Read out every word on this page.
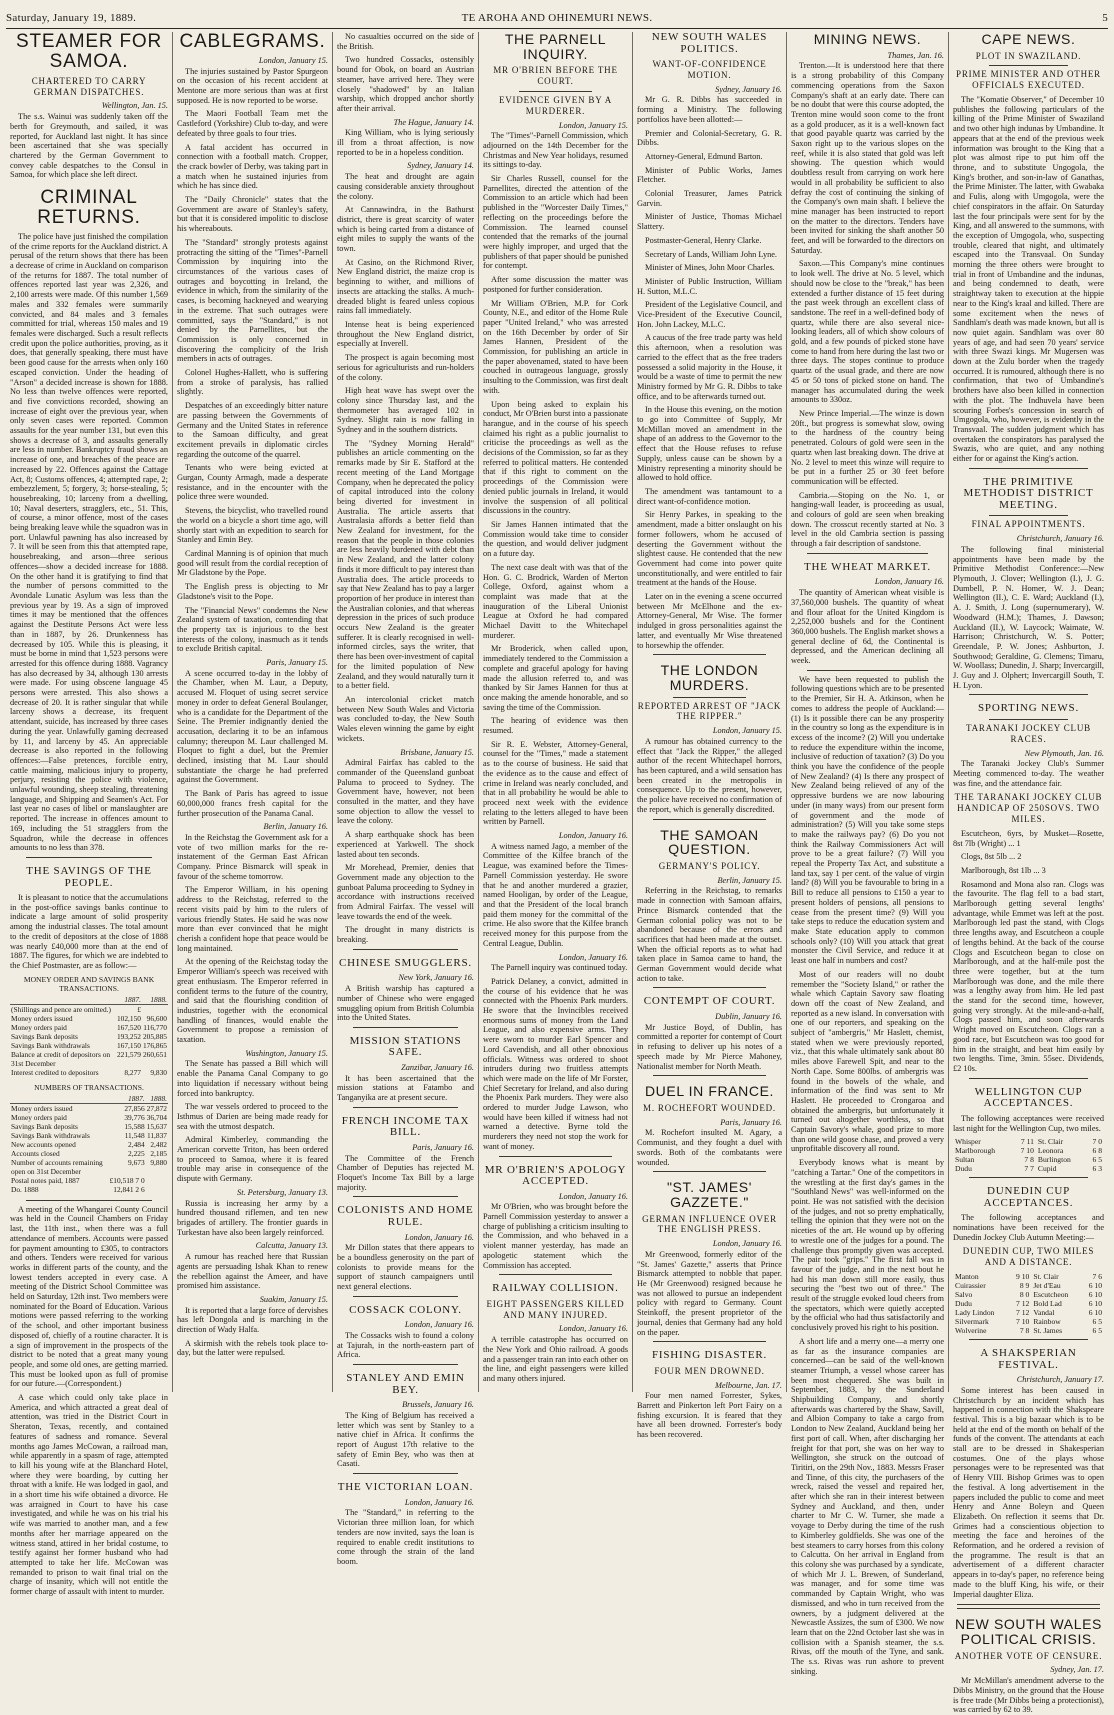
Saturday, January 19, 1889.	TE AROHA AND OHINEMURI NEWS.	5
STEAMER FOR SAMOA.
CHARTERED TO CARRY GERMAN DISPATCHES.

Wellington, Jan. 15 .

The s.s. Wainui was suddenly taken off the berth for Greymouth, and sailed, it was reported, for Auckland last night. It has since been ascertained that she was specially chartered by the German Government to convey cable despatches to the Consul in Samoa, for which place she left direct.

CRIMINAL RETURNS.

The police have just finished the compilation of the crime reports for the Auckland district. A perusal of the return shows that there has been a decrease of crime in Auckland on comparison of the returns for 1887. The total number of offences reported last year was 2,326, and 2,100 arrests were made. Of this number 1,569 males and 332 females were summarily convicted, and 84 males and 3 females committed for trial, whereas 150 males and 19 females were discharged. Such a result reflects credit upon the police authorities, proving, as it does, that generally speaking, there must have been good cause for the arrests when only 160 escaped conviction. Under the heading of "Arson" a decided increase is shown for 1888. No less than twelve offences were reported, and five convictions recorded, showing an increase of eight over the previous year, when only seven cases were reported. Common assaults for the year number 131, but even this shows a decrease of 3, and assaults generally are less in number. Bankruptcy fraud shows an increase of one, and breaches of the peace are increased by 22. Offences against the Cattage Act, 8; Customs offences, 4; attempted rape, 2; embezzlement, 5; forgery, 3; horse-stealing, 5; housebreaking, 10; larceny from a dwelling, 10; Naval deserters, stragglers, etc., 51. This, of course, a minor offence, most of the cases being breaking leave while the squadron was in port. Unlawful pawning has also increased by 7. It will be seen from this that attempted rape, housebreaking, and arson—three serious offences—show a decided increase for 1888. On the other hand it is gratifying to find that the number of persons committed to the Avondale Lunatic Asylum was less than the previous year by 19. As a sign of improved times it may be mentioned that the offences against the Destitute Persons Act were less than in 1887, by 26. Drunkenness has decreased by 105. While this is pleasing, it must be borne in mind that 1,523 persons were arrested for this offence during 1888. Vagrancy has also decreased by 34, although 130 arrests were made. For using obscene language 45 persons were arrested. This also shows a decrease of 20. It is rather singular that while larceny shows a decrease, its frequent attendant, suicide, has increased by three cases during the year. Unlawfully gaming decreased by 11, and larceny by 45. An appreciable decrease is also reported in the following offences:—False pretences, forcible entry, cattle maiming, malicious injury to property, perjury, resisting the police with violence, unlawful wounding, sheep stealing, threatening language, and Shipping and Seamen's Act. For last year no cases of libel or manslaughter are reported. The increase in offences amount to 169, including the 51 stragglers from the Squadron, while the decrease in offences amounts to no less than 378.

THE SAVINGS OF THE PEOPLE.

It is pleasant to notice that the accumulations in the post-office savings banks continue to indicate a large amount of solid prosperity among the industrial classes. The total amount to the credit of depositors at the close of 1888 was nearly £40,000 more than at the end of 1887. The figures, for which we are indebted to the Chief Postmaster, are as follow:—

MONEY ORDER AND SAVINGS BANK TRANSACTIONS.
	1887.	1888.
(Shillings and pence are omitted.)	£	
Money orders issued	102,150	96,600
Money orders paid	167,520	116,770
Savings Bank deposits	193,252	205,885
Savings Bank withdrawals	167,150	176,865
Balance at credit of depositors on 31st December	221,579	260,651
Interest credited to depositors	8,277	9,830
NUMBERS OF TRANSACTIONS.
	1887.	1888.
Money orders issued	27,856	27,872
Money orders paid	39,776	36,704
Savings Bank deposits	15,588	15,637
Savings Bank withdrawals	11,548	11,837
New accounts opened	2,484	2,482
Accounts closed	2,225	2,185
Number of accounts remaining open on 31st December	9,673	9,880
Postal notes paid, 1887	£10,518 7 0	
Do. 1888	12,841 2 6	

A meeting of the Whangarei County Council was held in the Council Chambers on Friday last, the 11th inst., when there was a full attendance of members. Accounts were passed for payment amounting to £305, to contractors and others. Tenders were received for various works in different parts of the county, and the lowest tenders accepted in every case. A meeting of the District School Committee was held on Saturday, 12th inst. Two members were nominated for the Board of Education. Various motions were passed referring to the working of the school, and other important business disposed of, chiefly of a routine character. It is a sign of improvement in the prospects of the district to be noted that a great many young people, and some old ones, are getting married. This must be looked upon as full of promise for our future.—(Correspondent.)

A case which could only take place in America, and which attracted a great deal of attention, was tried in the District Court in Sheraton, Texas, recently, and contained features of sadness and romance. Several months ago James McCowan, a railroad man, while apparently in a spasm of rage, attempted to kill his young wife at the Blanchard Hotel, where they were boarding, by cutting her throat with a knife. He was lodged in gaol, and in a short time his wife obtained a divorce. He was arraigned in Court to have his case investigated, and while he was on his trial his wife was married to another man, and a few months after her marriage appeared on the witness stand, attired in her bridal costume, to testify against her former husband who had attempted to take her life. McCowan was remanded to prison to wait final trial on the charge of insanity, which will not entitle the former charge of assault with intent to murder.

CABLEGRAMS.

London, January 15 .

The injuries sustained by Pastor Spurgeon on the occasion of his recent accident at Mentone are more serious than was at first supposed. He is now reported to be worse.

The Maori Football Team met the Castleford (Yorkshire) Club to-day, and were defeated by three goals to four tries.

A fatal accident has occurred in connection with a football match. Cropper, the crack bowler of Derby, was taking part in a match when he sustained injuries from which he has since died.

The "Daily Chronicle" states that the Government are aware of Stanley's safety, but that it is considered impolitic to disclose his whereabouts.

The "Standard" strongly protests against protracting the sitting of the "Times"-Parnell Commission by inquiring into the circumstances of the various cases of outrages and boycotting in Ireland, the evidence in which, from the similarity of the cases, is becoming hackneyed and wearying in the extreme. That such outrages were committed, says the "Standard," is not denied by the Parnellites, but the Commission is only concerned in discovering the complicity of the Irish members in acts of outrages.

Colonel Hughes-Hallett, who is suffering from a stroke of paralysis, has rallied slightly.

Despatches of an exceedingly bitter nature are passing between the Governments of Germany and the United States in reference to the Samoan difficulty, and great excitement prevails in diplomatic circles regarding the outcome of the quarrel.

Tenants who were being evicted at Gurgan, County Armagh, made a desperate resistance, and in the encounter with the police three were wounded.

Stevens, the bicyclist, who travelled round the world on a bicycle a short time ago, will shortly start with an expedition to search for Stanley and Emin Bey.

Cardinal Manning is of opinion that much good will result from the cordial reception of Mr Gladstone by the Pope.

The English press is objecting to Mr Gladstone's visit to the Pope.

The "Financial News" condemns the New Zealand system of taxation, contending that the property tax is injurious to the best interests of the colony, inasmuch as it tends to exclude British capital.

Paris, January 15 .

A scene occurred to-day in the lobby of the Chamber, when M. Laur, a Deputy, accused M. Floquet of using secret service money in order to defeat General Boulanger, who is a candidate for the Department of the Seine. The Premier indignantly denied the accusation, declaring it to be an infamous calumny; thereupon M. Laur challenged M. Floquet to fight a duel, but the Premier declined, insisting that M. Laur should substantiate the charge he had preferred against the Government.

The Bank of Paris has agreed to issue 60,000,000 francs fresh capital for the further prosecution of the Panama Canal.

Berlin, January 16 .

In the Reichstag the Government ask for a vote of two million marks for the re-instatement of the German East African Company. Prince Bismarck will speak in favour of the scheme tomorrow.

The Emperor William, in his opening address to the Reichstag, referred to the recent visits paid by him to the rulers of various friendly States. He said he was now more than ever convinced that he might cherish a confident hope that peace would be long maintained.

At the opening of the Reichstag today the Emperor William's speech was received with great enthusiasm. The Emperor referred in confident terms to the future of the country, and said that the flourishing condition of industries, together with the economical handling of finances, would enable the Government to propose a remission of taxation.

Washington, January 15 .

The Senate has passed a Bill which will enable the Panama Canal Company to go into liquidation if necessary without being forced into bankruptcy.

The war vessels ordered to proceed to the Isthmus of Darien are being made ready for sea with the utmost despatch.

Admiral Kimberley, commanding the American corvette Triton, has been ordered to proceed to Samoa, where it is feared trouble may arise in consequence of the dispute with Germany.

St. Petersburg, January 13 .

Russia is increasing her army by a hundred thousand riflemen, and ten new brigades of artillery. The frontier guards in Turkestan have also been largely reinforced.

Calcutta, January 13 .

A rumour has reached here that Russian agents are persuading Ishak Khan to renew the rebellion against the Ameer, and have promised him assistance.

Suakim, January 15 .

It is reported that a large force of dervishes has left Dongola and is marching in the direction of Wady Halfa.

A skirmish with the rebels took place to-day, but the latter were repulsed.

No casualties occurred on the side of the British.

Two hundred Cossacks, ostensibly bound for Obok, on board an Austrian steamer, have arrived here. They were closely "shadowed" by an Italian warship, which dropped anchor shortly after their arrival.

The Hague, January 14 .

King William, who is lying seriously ill from a throat affection, is now reported to be in a hopeless condition.

Sydney, January 14 .

The heat and drought are again causing considerable anxiety throughout the colony.

At Cannawindra, in the Bathurst district, there is great scarcity of water which is being carted from a distance of eight miles to supply the wants of the town.

At Casino, on the Richmond River, New England district, the maize crop is beginning to wither, and millions of insects are attacking the stalks. A much-dreaded blight is feared unless copious rains fall immediately.

Intense heat is being experienced throughout the New England district, especially at Inverell.

The prospect is again becoming most serious for agriculturists and run-holders of the colony.

High heat wave has swept over the colony since Thursday last, and the thermometer has averaged 102 in Sydney. Slight rain is now falling in Sydney and in the southern districts.

The "Sydney Morning Herald" publishes an article commenting on the remarks made by Sir E. Stafford at the recent meeting of the Land Mortgage Company, when he deprecated the policy of capital introduced into the colony being diverted for investment in Australia. The article asserts that Australasia affords a better field than New Zealand for investment, for the reason that the people in those colonies are less heavily burdened with debt than in New Zealand, and the latter colony finds it more difficult to pay interest than Australia does. The article proceeds to say that New Zealand has to pay a larger proportion of her produce in interest than the Australian colonies, and that whereas depression in the prices of such produce occurs New Zealand is the greater sufferer. It is clearly recognised in well-informed circles, says the writer, that there has been over-investment of capital for the limited population of New Zealand, and they would naturally turn it to a better field.

An intercolonial cricket match between New South Wales and Victoria was concluded to-day, the New South Wales eleven winning the game by eight wickets.

Brisbane, January 15 .

Admiral Fairfax has cabled to the commander of the Queensland gunboat Paluma to proceed to Sydney. The Government have, however, not been consulted in the matter, and they have some objection to allow the vessel to leave the colony.

A sharp earthquake shock has been experienced at Yarkwell. The shock lasted about ten seconds.

Mr Morehead, Premier, denies that Government made any objection to the gunboat Paluma proceeding to Sydney in accordance with instructions received from Admiral Fairfax. The vessel will leave towards the end of the week.

The drought in many districts is breaking.

CHINESE SMUGGLERS.

New York, January 16 .

A British warship has captured a number of Chinese who were engaged smuggling opium from British Columbia into the United States.

MISSION STATIONS SAFE.

Zanzibar, January 16 .

It has been ascertained that the mission stations at Fatambo and Tanganyika are at present secure.

FRENCH INCOME TAX BILL.

Paris, January 16 .

The Committee of the French Chamber of Deputies has rejected M. Floquet's Income Tax Bill by a large majority.

COLONISTS AND HOME RULE.

London, January 16 .

Mr Dillon states that there appears to be a boundless generosity on the part of colonists to provide means for the support of staunch campaigners until next general elections.

COSSACK COLONY.

London, January 16 .

The Cossacks wish to found a colony at Tajurah, in the north-eastern part of Africa.

STANLEY AND EMIN BEY.

Brussels, January 16 .

The King of Belgium has received a letter which was sent by Stanley to a native chief in Africa. It confirms the report of August 17th relative to the safety of Emin Bey, who was then at Casati.

THE VICTORIAN LOAN.

London, January 16 .

The "Standard," in referring to the Victorian three million loan, for which tenders are now invited, says the loan is required to enable credit institutions to come through the strain of the land boom.

THE PARNELL INQUIRY.
MR O'BRIEN BEFORE THE COURT.
EVIDENCE GIVEN BY A MURDERER.

London, January 15 .

The "Times"-Parnell Commission, which adjourned on the 14th December for the Christmas and New Year holidays, resumed its sittings to-day.

Sir Charles Russell, counsel for the Parnellites, directed the attention of the Commission to an article which had been published in the "Worcester Daily Times," reflecting on the proceedings before the Commission. The learned counsel contended that the remarks of the journal were highly improper, and urged that the publishers of that paper should be punished for contempt.

After some discussion the matter was postponed for further consideration.

Mr William O'Brien, M.P. for Cork County, N.E., and editor of the Home Rule paper "United Ireland," who was arrested on the 16th December by order of Sir James Hannen, President of the Commission, for publishing an article in the paper abovenamed, stated to have been couched in outrageous language, grossly insulting to the Commission, was first dealt with.

Upon being asked to explain his conduct, Mr O'Brien burst into a passionate harangue, and in the course of his speech claimed his right as a public journalist to criticise the proceedings as well as the decisions of the Commission, so far as they referred to political matters. He contended that if this right to comment on the proceedings of the Commission were denied public journals in Ireland, it would involve the suspension of all political discussions in the country.

Sir James Hannen intimated that the Commission would take time to consider the question, and would deliver judgment on a future day.

The next case dealt with was that of the Hon. G. C. Brodrick, Warden of Merton College, Oxford, against whom a complaint was made that at the inauguration of the Liberal Unionist League at Oxford he had compared Michael Davitt to the Whitechapel murderer.

Mr Broderick, when called upon, immediately tendered to the Commission a complete and graceful apology for having made the allusion referred to, and was thanked by Sir James Hannen for thus at once making the amende honorable, and so saving the time of the Commission.

The hearing of evidence was then resumed.

Sir R. E. Webster, Attorney-General, counsel for the "Times," made a statement as to the course of business. He said that the evidence as to the cause and effect of crime in Ireland was nearly concluded, and that in all probability he would be able to proceed next week with the evidence relating to the letters alleged to have been written by Parnell.

London, January 16 .

A witness named Jago, a member of the Committee of the Kilfee branch of the League, was examined before the Times-Parnell Commission yesterday. He swore that he and another murdered a grazier, named Hooligan, by order of the League, and that the President of the local branch paid them money for the committal of the crime. He also swore that the Kilfee branch received money for this purpose from the Central League, Dublin.

London, January 16 .

The Parnell inquiry was continued today.

Patrick Delaney, a convict, admitted in the course of his evidence that he was connected with the Phoenix Park murders. He swore that the Invincibles received enormous sums of money from the Land League, and also expensive arms. They were sworn to murder Earl Spencer and Lord Cavendish, and all other obnoxious officials. Witness was ordered to shoot intruders during two fruitless attempts which were made on the life of Mr Forster, Chief Secretary for Ireland, and also during the Phoenix Park murders. They were also ordered to murder Judge Lawson, who would have been killed if witness had not warned a detective. Byrne told the murderers they need not stop the work for want of money.

MR O'BRIEN'S APOLOGY ACCEPTED.

London, January 16 .

Mr O'Brien, who was brought before the Parnell Commission yesterday to answer a charge of publishing a criticism insulting to the Commission, and who behaved in a violent manner yesterday, has made an apologetic statement which the Commission has accepted.

RAILWAY COLLISION.
EIGHT PASSENGERS KILLED AND MANY INJURED.

London, January 16 .

A terrible catastrophe has occurred on the New York and Ohio railroad. A goods and a passenger train ran into each other on the line, and eight passengers were killed and many others injured.

NEW SOUTH WALES POLITICS.
WANT-OF-CONFIDENCE MOTION.

Sydney, January 16 .

Mr G. R. Dibbs has succeeded in forming a Ministry. The following portfolios have been allotted:—

Premier and Colonial-Secretary, G. R. Dibbs.

Attorney-General, Edmund Barton.

Minister of Public Works, James Fletcher.

Colonial Treasurer, James Patrick Garvin.

Minister of Justice, Thomas Michael Slattery.

Postmaster-General, Henry Clarke.

Secretary of Lands, William John Lyne.

Minister of Mines, John Moor Charles.

Minister of Public Instruction, William H. Sutton, M.L.C.

President of the Legislative Council, and Vice-President of the Executive Council, Hon. John Lackey, M.L.C.

A caucus of the free trade party was held this afternoon, when a resolution was carried to the effect that as the free traders possessed a solid majority in the House, it would be a waste of time to permit the new Ministry formed by Mr G. R. Dibbs to take office, and to be afterwards turned out.

In the House this evening, on the motion to go into Committee of Supply, Mr McMillan moved an amendment in the shape of an address to the Governor to the effect that the House refuses to refuse Supply, unless cause can be shown by a Ministry representing a minority should be allowed to hold office.

The amendment was tantamount to a direct want-of-confidence motion.

Sir Henry Parkes, in speaking to the amendment, made a bitter onslaught on his former followers, whom he accused of deserting the Government without the slightest cause. He contended that the new Government had come into power quite unconstitutionally, and were entitled to fair treatment at the hands of the House.

Later on in the evening a scene occurred between Mr McElhone and the ex-Attorney-General, Mr Wise. The former indulged in gross personalities against the latter, and eventually Mr Wise threatened to horsewhip the offender.

THE LONDON MURDERS.
REPORTED ARREST OF "JACK THE RIPPER."

London, January 15 .

A rumour has obtained currency to the effect that "Jack the Ripper," the alleged author of the recent Whitechapel horrors, has been captured, and a wild sensation has been created in the metropolis in consequence. Up to the present, however, the police have received no confirmation of the report, which is generally discredited.

THE SAMOAN QUESTION.
GERMANY'S POLICY.

Berlin, January 15 .

Referring in the Reichstag, to remarks made in connection with Samoan affairs, Prince Bismarck contended that the German colonial policy was not to be abandoned because of the errors and sacrifices that had been made at the outset. When the official reports as to what had taken place in Samoa came to hand, the German Government would decide what action to take.

CONTEMPT OF COURT.

Dublin, January 16 .

Mr Justice Boyd, of Dublin, has committed a reporter for contempt of Court in refusing to deliver up his notes of a speech made by Mr Pierce Mahoney, Nationalist member for North Meath.

DUEL IN FRANCE.
M. ROCHEFORT WOUNDED.

Paris, January 16 .

M. Rochefort insulted M. Agary, a Communist, and they fought a duel with swords. Both of the combatants were wounded.

"ST. JAMES' GAZZETE."
GERMAN INFLUENCE OVER THE ENGLISH PRESS.

London, January 16 .

Mr Greenwood, formerly editor of the "St. James' Gazette," asserts that Prince Bismarck attempted to nobble that paper. He (Mr Greenwood) resigned because he was not allowed to pursue an independent policy with regard to Germany. Count Steinkoff, the present proprietor of the journal, denies that Germany had any hold on the paper.

FISHING DISASTER.
FOUR MEN DROWNED.

Melbourne, Jan. 17 .

Four men named Forrester, Sykes, Barrett and Pinkerton left Port Fairy on a fishing excursion. It is feared that they have all been drowned. Forrester's body has been recovered.

MINING NEWS.

Thames, Jan. 16 .

Trenton.—It is understood here that there is a strong probability of this Company commencing operations from the Saxon Company's shaft at an early date. There can be no doubt that were this course adopted, the Trenton mine would soon come to the front as a gold producer, as it is a well-known fact that good payable quartz was carried by the Saxon right up to the various slopes on the reef, while it is also stated that gold was left showing. The question which would doubtless result from carrying on work here would in all probability be sufficient to also defray the cost of continuing the sinking of the Company's own main shaft. I believe the mine manager has been instructed to report on the matter to the directors. Tenders have been invited for sinking the shaft another 50 feet, and will be forwarded to the directors on Saturday.

Saxon.—This Company's mine continues to look well. The drive at No. 5 level, which should now be close to the "break," has been extended a further distance of 15 feet during the past week through an excellent class of sandstone. The reef in a well-defined body of quartz, while there are also several nice-looking leaders, all of which show colours of gold, and a few pounds of picked stone have come to hand from here during the last two or three days. The stopes continue to produce quartz of the usual grade, and there are now 45 or 50 tons of picked stone on hand. The manager has accumulated during the week amounts to 330oz.

New Prince Imperial.—The winze is down 20ft., but progress is somewhat slow, owing to the hardness of the country being penetrated. Colours of gold were seen in the quartz when last breaking down. The drive at No. 2 level to meet this winze will require to be put in a further 25 or 30 feet before communication will be effected.

Cambria.—Stoping on the No. 1, or hanging-wall leader, is proceeding as usual, and colours of gold are seen when breaking down. The crosscut recently started at No. 3 level in the old Cambria section is passing through a fair description of sandstone.

THE WHEAT MARKET.

London, January 16 .

The quantity of American wheat visible is 37,560,000 bushels. The quantity of wheat and flour afloat for the United Kingdom is 2,252,000 bushels and for the Continent 360,000 bushels. The English market shows a general decline of 6d, the Continental is depressed, and the American declining all week.

We have been requested to publish the following questions which are to be presented to the Premier, Sir H. A. Atkinson, when he comes to address the people of Auckland:—(1) Is it possible there can be any prosperity in the country so long as the expenditure is in excess of the income? (2) Will you undertake to reduce the expenditure within the income, inclusive of reduction of taxation? (3) Do you think you have the confidence of the people of New Zealand? (4) Is there any prospect of New Zealand being relieved of any of the oppressive burdens we are now labouring under (in many ways) from our present form of government and the mode of administration? (5) Will you take some steps to make the railways pay? (6) Do you not think the Railway Commissioners Act will prove to be a great failure? (7) Will you repeal the Property Tax Act, and substitute a land tax, say 1 per cent. of the value of virgin land? (8) Will you be favourable to bring in a Bill to reduce all pensions to £150 a year to present holders of pensions, all pensions to cease from the present time? (9) Will you take steps to reduce the education system and make State education apply to common schools only? (10) Will you attack that great monster the Civil Service, and reduce it at least one half in numbers and cost?

Most of our readers will no doubt remember the "Society Island," or rather the whale which Captain Savory saw floating down off the coast of New Zealand, and reported as a new island. In conversation with one of our reporters, and speaking on the subject of "ambergris," Mr Haslett, chemist, stated when we were previously reported, viz., that this whale ultimately sank about 80 miles above Farewell Spit, and near to the North Cape. Some 800lbs. of ambergris was found in the bowels of the whale, and information of the find was sent to Mr Haslett. He proceeded to Crongaroa and obtained the ambergris, but unfortunately it turned out altogether worthless, so that Captain Savory's whale, good prize to more than one wild goose chase, and proved a very unprofitable discovery all round.

Everybody knows what is meant by "catching a Tartar." One of the competitors in the wrestling at the first day's games in the "Southland News" was well-informed on the point. He was not satisfied with the decision of the judges, and not so pretty emphatically, telling the opinion that they were not on the niceties of the art. He wound up by offering to wrestle one of the judges for a pound. The challenge thus promptly given was accepted. The pair took "grips." The first fall was in favour of the judge, and in the next bout he had his man down still more easily, thus securing the "best two out of three." The result of the struggle evoked loud cheers from the spectators, which were quietly accepted by the official who had thus satisfactorily and conclusively proved his right to his position.

A short life and a merry one—a merry one as far as the insurance companies are concerned—can be said of the well-known steamer Triumph, a vessel whose career has been most chequered. She was built in September, 1883, by the Sunderland Shipbuilding Company, and shortly afterwards was chartered by the Shaw, Savill, and Albion Company to take a cargo from London to New Zealand, Auckland being her first port of call. When, after discharging her freight for that port, she was on her way to Wellington, she struck on the outcoad of Tiritiri, on the 29th Nov., 1883. Messrs Fraser and Tinne, of this city, the purchasers of the wreck, raised the vessel and repaired her, after which she ran in their interest between Sydney and Auckland, and then, under charter to Mr C. W. Turner, she made a voyage to Derby during the time of the rush to Kimberley goldfields. She was one of the best steamers to carry horses from this colony to Calcutta. On her arrival in England from this colony she was purchased by a syndicate, of which Mr J. L. Brewen, of Sunderland, was manager, and for some time was commanded by Captain Wright, who was dismissed, and who in turn received from the owners, by a judgment delivered at the Newcastle Assizes, the sum of £300. We now learn that on the 22nd October last she was in collision with a Spanish steamer, the s.s. Rivas, off the mouth of the Tyne, and sank. The s.s. Rivas was run ashore to prevent sinking.

CAPE NEWS.
PLOT IN SWAZILAND.
PRIME MINISTER AND OTHER OFFICIALS EXECUTED.

The "Komatie Observer," of December 10 publishes the following particulars of the killing of the Prime Minister of Swaziland and two other high indunas by Umbandine. It appears that at the end of the previous week information was brought to the King that a plot was almost ripe to put him off the throne, and to substitute Ungogola, the King's brother, and son-in-law of Ganathas, the Prime Minister. The latter, with Gwabaka and Fulis, along with Umgogola, were the chief conspirators in the affair. On Saturday last the four principals were sent for by the King, and all answered to the summons, with the exception of Umgogola, who, suspecting trouble, cleared that night, and ultimately escaped into the Transvaal. On Sunday morning the three others were brought to trial in front of Umbandine and the indunas, and being condemned to death, were straightway taken to execution at the hippie near to the King's kraal and killed. There are some excitement when the news of Sandhlam's death was made known, but all is now quiet again. Sandhlam was over 80 years of age, and had seen 70 years' service with three Swazi kings. Mr Mugersen was down at the Zulu border when the tragedy occurred. It is rumoured, although there is no confirmation, that two of Umbandine's brothers have also been killed in connection with the plot. The Indhuvela have been scouring Forbes's concession in search of Umgogola, who, however, is evidently in the Transvaal. The sudden judgment which has overtaken the conspirators has paralysed the Swazis, who are quiet, and any nothing either for or against the King's action.

THE PRIMITIVE METHODIST DISTRICT MEETING.
FINAL APPOINTMENTS.

Christchurch, January 16 .

The following final ministerial appointments have been made by the Primitive Methodist Conference:—New Plymouth, J. Clover; Wellington (I.), J. G. Dumbell, P. N. Homer, W. J. Dean; Wellington (II.), C. E. Ward; Auckland (I.), A. J. Smith, J. Long (supernumerary), W. Woodward (H.M.); Thames, J. Dawson; Auckland (II.), W. Laycock; Waimate, W. Harrison; Christchurch, W. S. Potter; Greendale, P. W. Jones; Ashburton, J. Southwood; Geraldine, G. Clemens; Timaru, W. Woollass; Dunedin, J. Sharp; Invercargill, J. Guy and J. Olphert; Invercargill South, T. H. Lyon.

SPORTING NEWS.
TARANAKI JOCKEY CLUB RACES.

New Plymouth, Jan. 16 .

The Taranaki Jockey Club's Summer Meeting commenced to-day. The weather was fine, and the attendance fair.

THE TARANAKI JOCKEY CLUB HANDICAP OF 250SOVS. TWO MILES.

Escutcheon, 6yrs, by Musket—Rosette, 8st 7lb (Wright) ... 1

Clogs, 8st 5lb ... 2

Marlborough, 8st 1lb ... 3

Rosamond and Mona also ran. Clogs was the favourite. The flag fell to a bad start, Marlborough getting several lengths' advantage, while Emmet was left at the post. Marlborough led past the stand, with Clogs three lengths away, and Escutcheon a couple of lengths behind. At the back of the course Clogs and Escutcheon began to close on Marlborough, and at the half-mile post the three were together, but at the turn Marlborough was done, and the mile there was a lengthy away from him. He led past the stand for the second time, however, going very strongly. At the mile-and-a-half, Clogs passed him, and soon afterwards Wright moved on Escutcheon. Clogs ran a good race, but Escutcheon was too good for him in the straight, and beat him easily by two lengths. Time, 3min. 55sec. Dividends, £2 10s.

WELLINGTON CUP ACCEPTANCES.

The following acceptances were received last night for the Wellington Cup, two miles.

Whisper	7 11	St. Clair	7 0
Marlborough	7 10	Leonora	6 8
Sultan	7 8	Burlington	6 5
Dudu	7 7	Cupid	6 3
DUNEDIN CUP ACCEPTANCES.

The following acceptances and nominations have been received for the Dunedin Jockey Club Autumn Meeting:—

DUNEDIN CUP, TWO MILES AND A DISTANCE.
Manton	9 10	St. Clair	7 6
Cuirassier	8 9	Jet d'Eau	6 10
Salvo	8 0	Escutcheon	6 10
Dudu	7 12	Bold Lad	6 10
Lady Lindon	7 12	Vandal	6 10
Silvermark	7 10	Rainbow	6 5
Wolverine	7 8	St. James	6 5
A SHAKSPERIAN FESTIVAL.

Christchurch, January 17 .

Some interest has been caused in Christchurch by an incident which has happened in connection with the Shakspeare festival. This is a big bazaar which is to be held at the end of the month on behalf of the funds of the convent. The attendants at each stall are to be dressed in Shakesperian costumes. One of the plays whose personages were to be represented was that of Henry VIII. Bishop Grimes was to open the festival. A long advertisement in the papers included the public to come and meet Henry and Anne Boleyn and Queen Elizabeth. On reflection it seems that Dr. Grimes had a conscientious objection to meeting the face and heroines of the Reformation, and he ordered a revision of the programme. The result is that an advertisement of a different character appears in to-day's paper, no reference being made to the bluff King, his wife, or their Imperial daughter Eliza.

NEW SOUTH WALES POLITICAL CRISIS.
ANOTHER VOTE OF CENSURE.

Sydney, Jan. 17 .

Mr McMillan's amendment adverse to the Dibbs Ministry, on the ground that the House is free trade (Mr Dibbs being a protectionist), was carried by 62 to 39.
